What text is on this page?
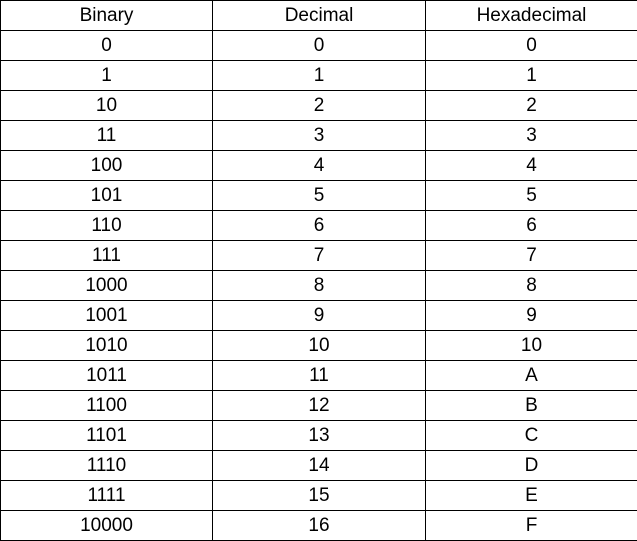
Binary	Decimal	Hexadecimal
0	0	0
1	1	1
10	2	2
11	3	3
100	4	4
101	5	5
110	6	6
111	7	7
1000	8	8
1001	9	9
1010	10	10
1011	11	A
1100	12	B
1101	13	C
1110	14	D
1111	15	E
10000	16	F
